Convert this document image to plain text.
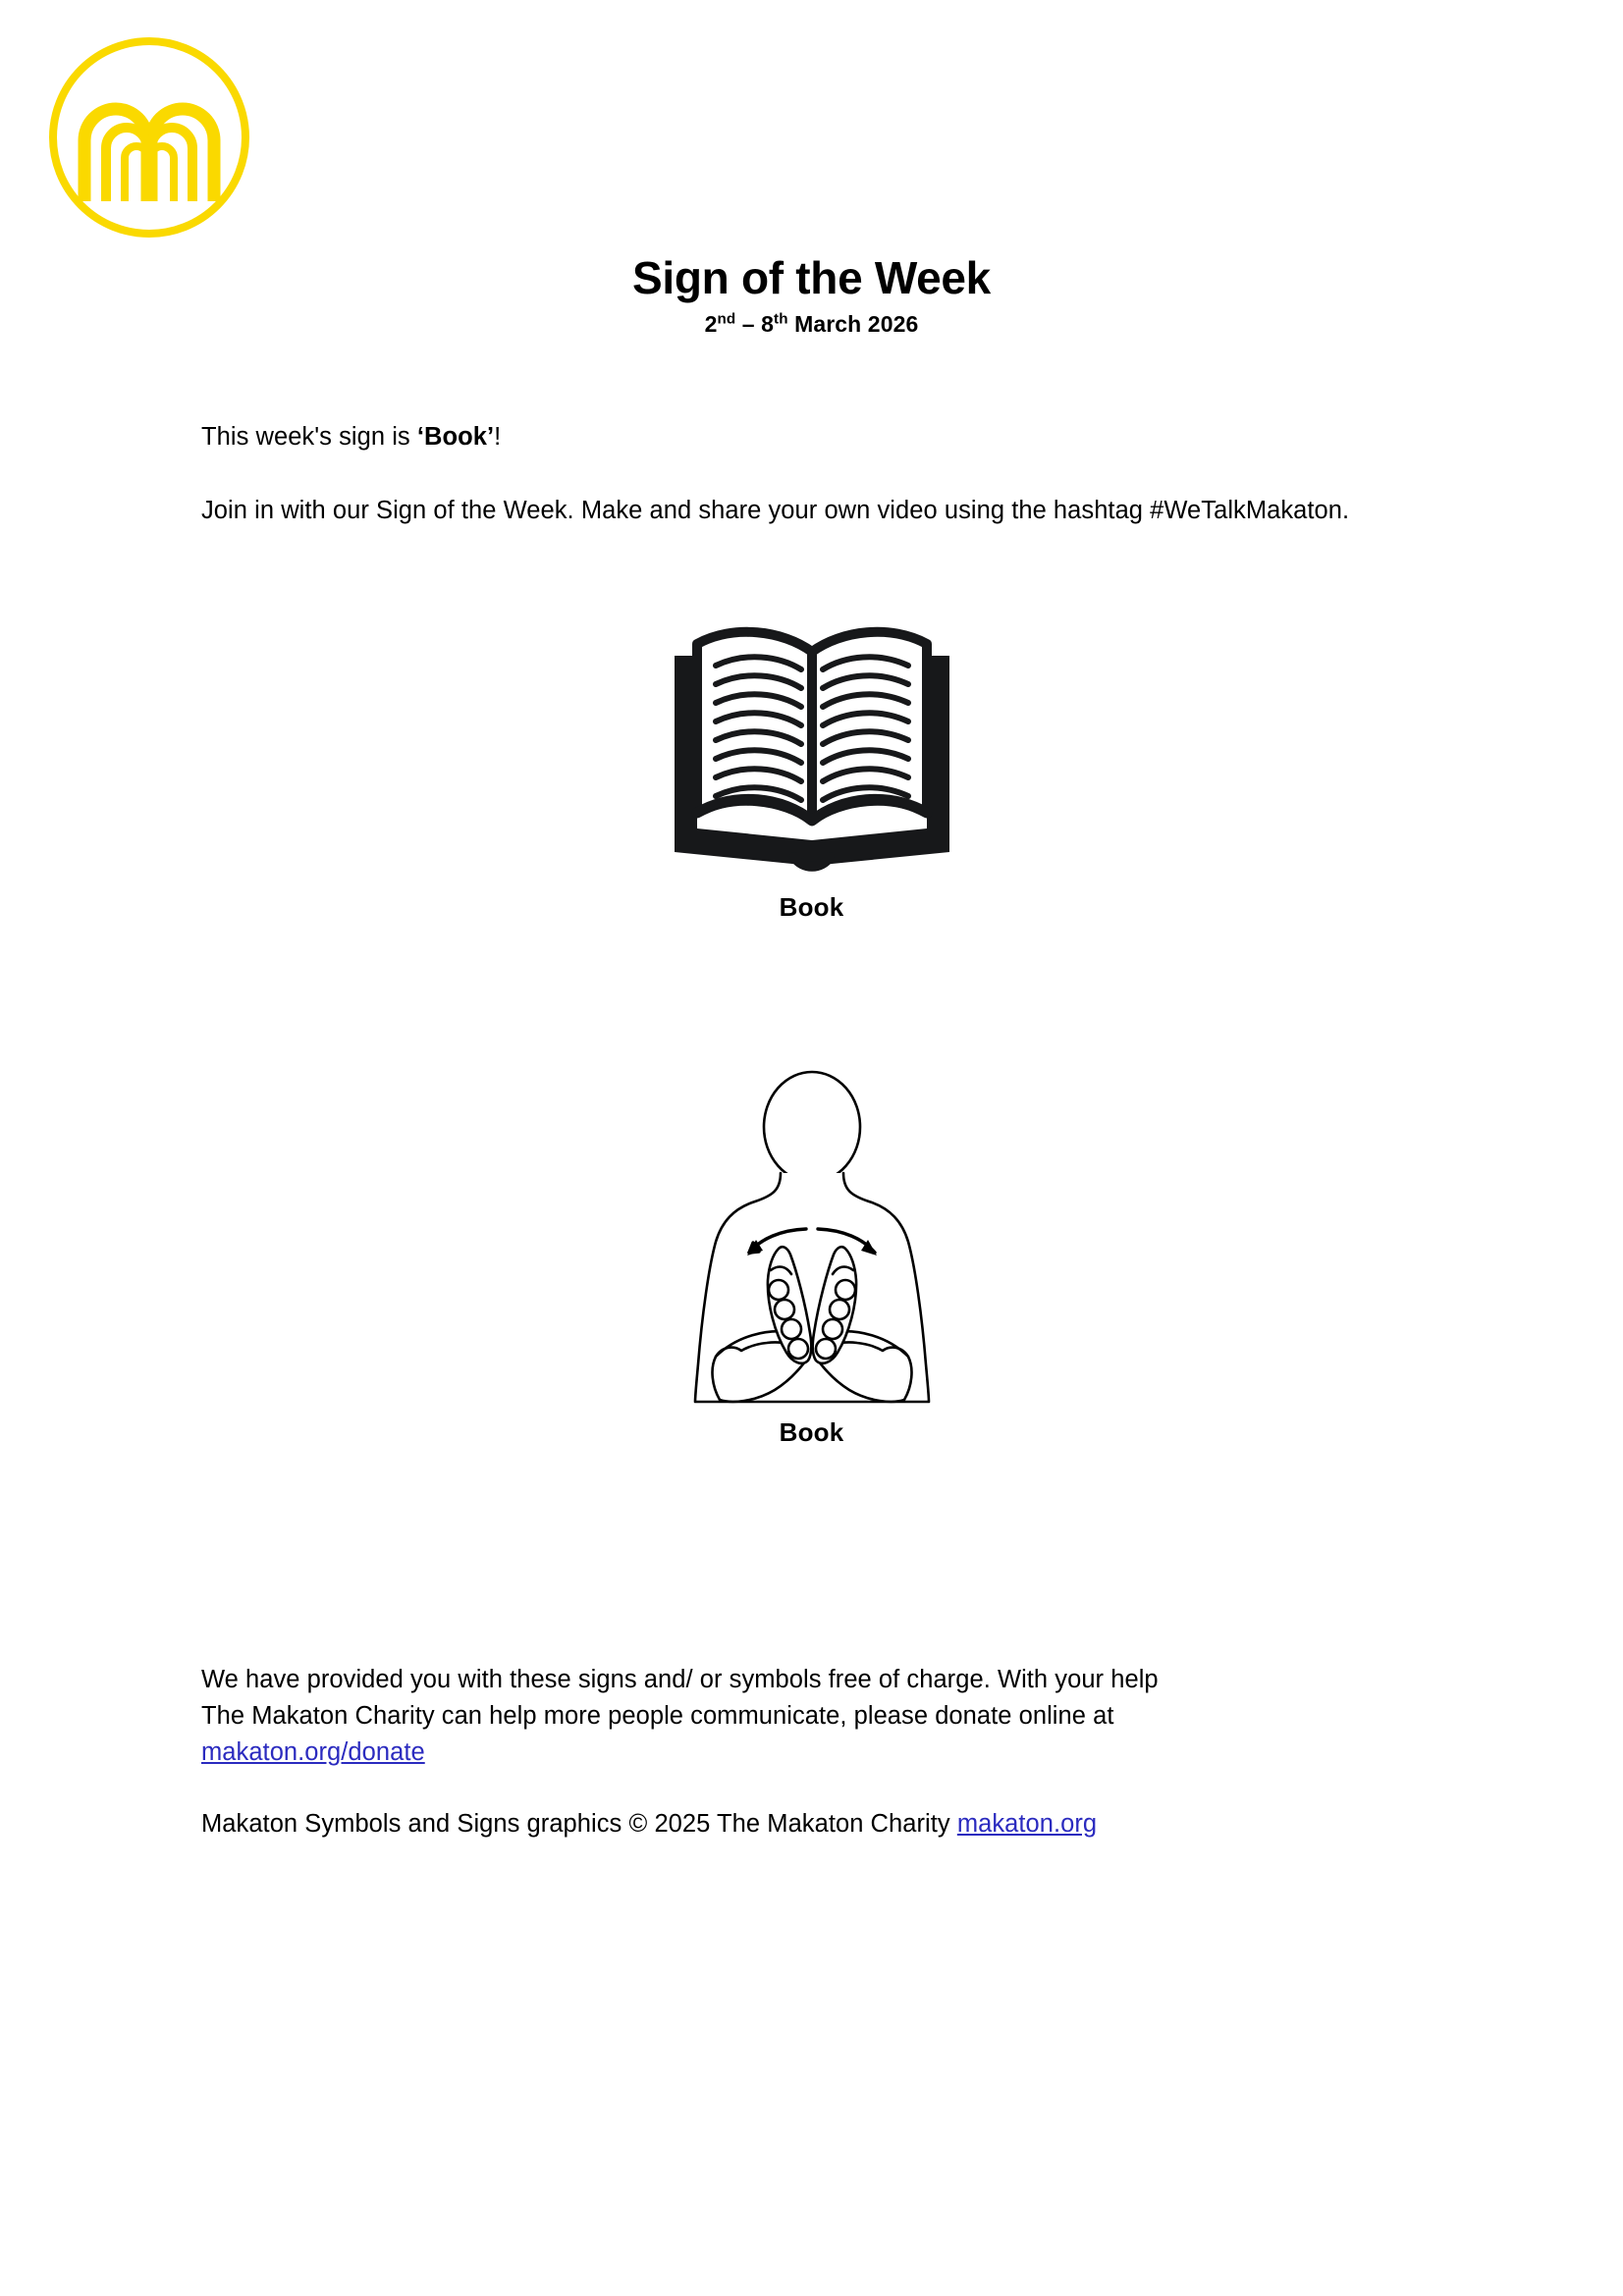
Sign of the Week
2nd – 8th March 2026

This week's sign is ‘Book’!

Join in with our Sign of the Week. Make and share your own video using the hashtag #WeTalkMakaton.

Book
Book

We have provided you with these signs and/ or symbols free of charge. With your help
The Makaton Charity can help more people communicate, please donate online at
makaton.org/donate

Makaton Symbols and Signs graphics © 2025 The Makaton Charity makaton.org
